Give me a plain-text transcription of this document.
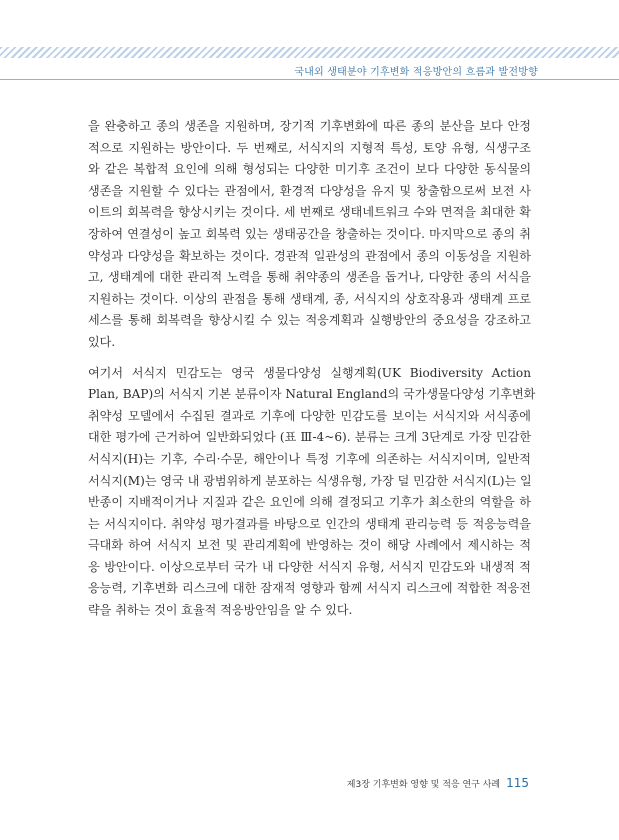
국내외 생태분야 기후변화 적응방안의 흐름과 발전방향

을 완충하고 종의 생존을 지원하며, 장기적 기후변화에 따른 종의 분산을 보다 안정
적으로 지원하는 방안이다. 두 번째로, 서식지의 지형적 특성, 토양 유형, 식생구조
와 같은 복합적 요인에 의해 형성되는 다양한 미기후 조건이 보다 다양한 동식물의
생존을 지원할 수 있다는 관점에서, 환경적 다양성을 유지 및 창출함으로써 보전 사
이트의 회복력을 향상시키는 것이다. 세 번째로 생태네트워크 수와 면적을 최대한 확
장하여 연결성이 높고 회복력 있는 생태공간을 창출하는 것이다. 마지막으로 종의 취
약성과 다양성을 확보하는 것이다. 경관적 일관성의 관점에서 종의 이동성을 지원하
고, 생태계에 대한 관리적 노력을 통해 취약종의 생존을 돕거나, 다양한 종의 서식을
지원하는 것이다. 이상의 관점을 통해 생태계, 종, 서식지의 상호작용과 생태계 프로
세스를 통해 회복력을 향상시킬 수 있는 적응계획과 실행방안의 중요성을 강조하고
있다.

여기서 서식지 민감도는 영국 생물다양성 실행계획(UK Biodiversity Action
Plan, BAP)의 서식지 기본 분류이자 Natural England의 국가생물다양성 기후변화
취약성 모델에서 수집된 결과로 기후에 다양한 민감도를 보이는 서식지와 서식종에
대한 평가에 근거하여 일반화되었다 (표 Ⅲ-4~6). 분류는 크게 3단계로 가장 민감한
서식지(H)는 기후, 수리·수문, 해안이나 특정 기후에 의존하는 서식지이며, 일반적
서식지(M)는 영국 내 광범위하게 분포하는 식생유형, 가장 덜 민감한 서식지(L)는 일
반종이 지배적이거나 지질과 같은 요인에 의해 결정되고 기후가 최소한의 역할을 하
는 서식지이다. 취약성 평가결과를 바탕으로 인간의 생태계 관리능력 등 적응능력을
극대화 하여 서식지 보전 및 관리계획에 반영하는 것이 해당 사례에서 제시하는 적
응 방안이다. 이상으로부터 국가 내 다양한 서식지 유형, 서식지 민감도와 내생적 적
응능력, 기후변화 리스크에 대한 잠재적 영향과 함께 서식지 리스크에 적합한 적응전
략을 취하는 것이 효율적 적응방안임을 알 수 있다.

제3장 기후변화 영향 및 적응 연구 사례 115
